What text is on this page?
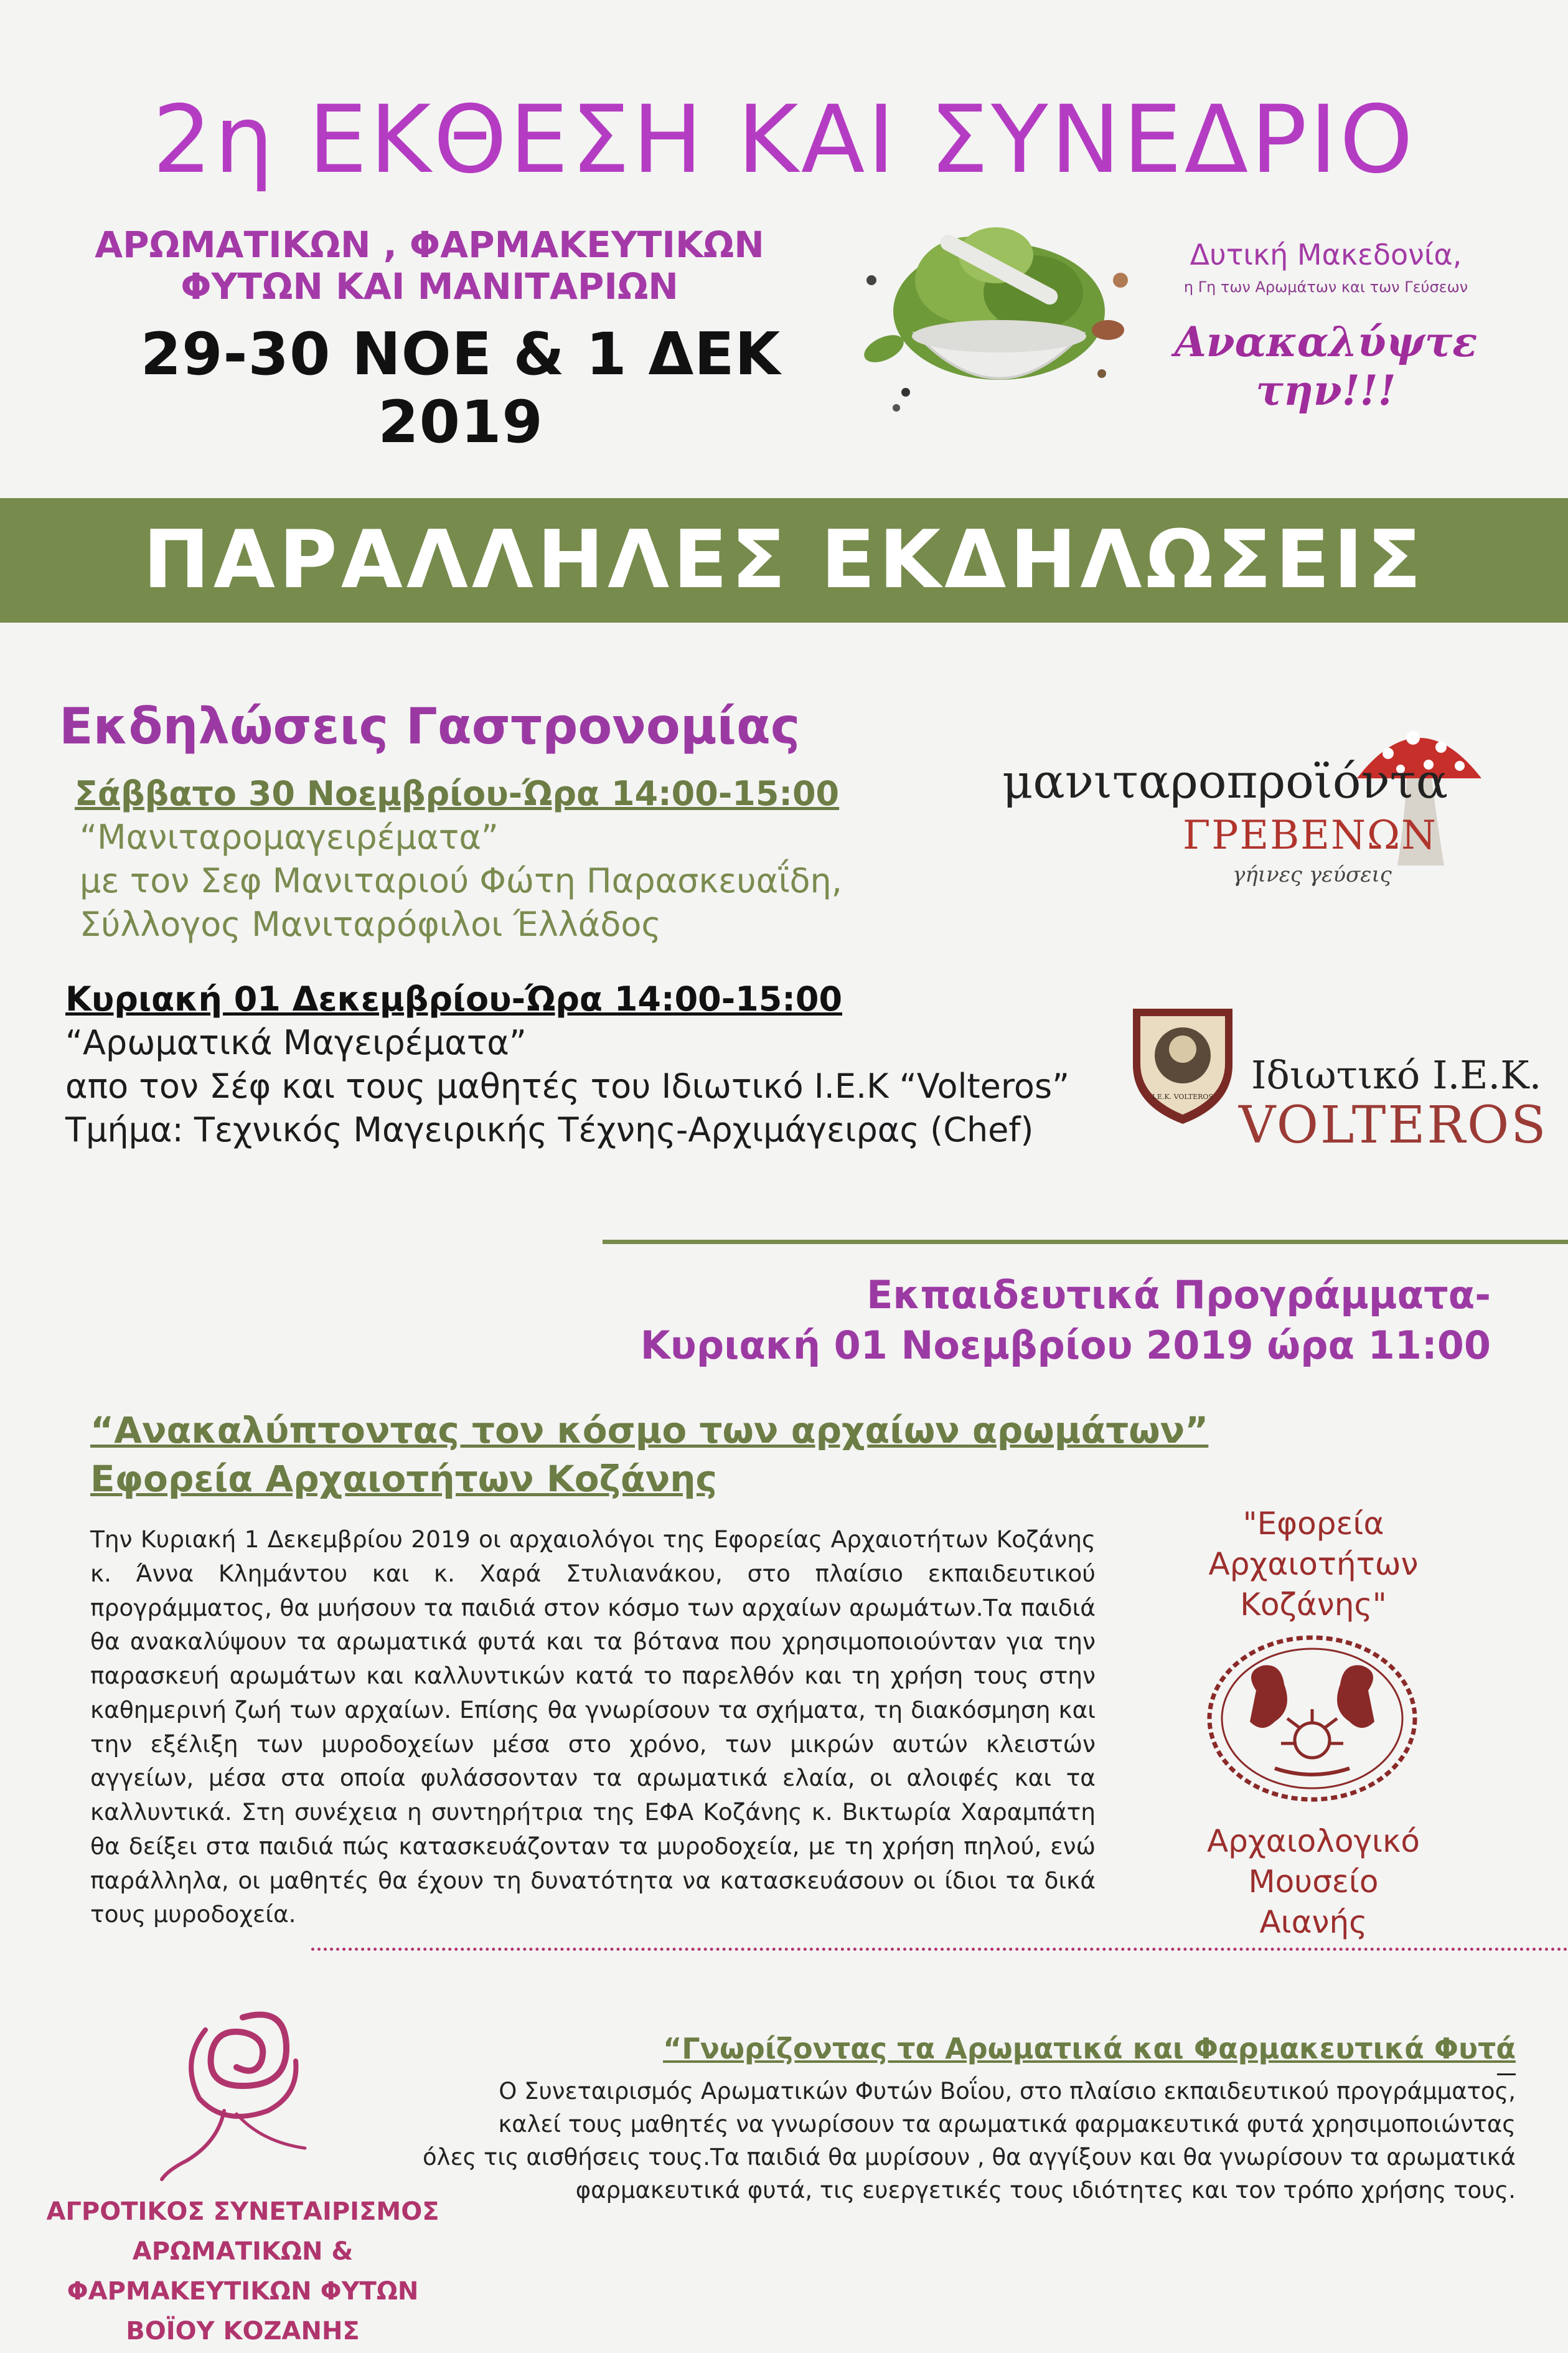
2η ΕΚΘΕΣΗ ΚΑΙ ΣΥΝΕΔΡΙΟ
ΑΡΩΜΑΤΙΚΩΝ , ΦΑΡΜΑΚΕΥΤΙΚΩΝ
ΦΥΤΩΝ ΚΑΙ ΜΑΝΙΤΑΡΙΩΝ
29-30 ΝΟΕ & 1 ΔΕΚ 2019
Δυτική Μακεδονία,
η Γη των Αρωμάτων και των Γεύσεων
Ανακαλύψτε την!!!
ΠΑΡΑΛΛΗΛΕΣ ΕΚΔΗΛΩΣΕΙΣ
Εκδηλώσεις Γαστρονομίας
Σάββατο 30 Νοεμβρίου-Ώρα 14:00-15:00
“Μανιταρομαγειρέματα”
με τον Σεφ Μανιταριού Φώτη Παρασκευαΐδη,
Σύλλογος Μανιταρόφιλοι Έλλάδος
Κυριακή 01 Δεκεμβρίου-Ώρα 14:00-15:00
“Αρωματικά Μαγειρέματα”
απο τον Σέφ και τους μαθητές του Ιδιωτικό Ι.Ε.Κ “Volteros”
Τμήμα: Τεχνικός Μαγειρικής Τέχνης-Αρχιμάγειρας (Chef)
μανιταροπροϊόντα
ΓΡΕΒΕΝΩΝ
γήινες γεύσεις
I.E.K. VOLTEROS Ιδιωτικό Ι.Ε.Κ.
VOLTEROS
Εκπαιδευτικά Προγράμματα-
Κυριακή 01 Νοεμβρίου 2019 ώρα 11:00
“Ανακαλύπτοντας τον κόσμο των αρχαίων αρωμάτων”
Εφορεία Αρχαιοτήτων Κοζάνης
Την Κυριακή 1 Δεκεμβρίου 2019 οι αρχαιολόγοι της Εφορείας Αρχαιοτήτων Κοζάνης κ. Άννα Κλημάντου και κ. Χαρά Στυλιανάκου, στο πλαίσιο εκπαιδευτικού προγράμματος, θα μυήσουν τα παιδιά στον κόσμο των αρχαίων αρωμάτων.Τα παιδιά θα ανακαλύψουν τα αρωματικά φυτά και τα βότανα που χρησιμοποιούνταν για την παρασκευή αρωμάτων και καλλυντικών κατά το παρελθόν και τη χρήση τους στην καθημερινή ζωή των αρχαίων. Επίσης θα γνωρίσουν τα σχήματα, τη διακόσμηση και την εξέλιξη των μυροδοχείων μέσα στο χρόνο, των μικρών αυτών κλειστών αγγείων, μέσα στα οποία φυλάσσονταν τα αρωματικά ελαία, οι αλοιφές και τα καλλυντικά. Στη συνέχεια η συντηρήτρια της ΕΦΑ Κοζάνης κ. Βικτωρία Χαραμπάτη θα δείξει στα παιδιά πώς κατασκευάζονταν τα μυροδοχεία, με τη χρήση πηλού, ενώ παράλληλα, οι μαθητές θα έχουν τη δυνατότητα να κατασκευάσουν οι ίδιοι τα δικά τους μυροδοχεία.
"Εφορεία Αρχαιοτήτων
Κοζάνης"
Αρχαιολογικό Μουσείο
Αιανής
“Γνωρίζοντας τα Αρωματικά και Φαρμακευτικά Φυτά
Ο Συνεταιρισμός Αρωματικών Φυτών Βοΐου, στο πλαίσιο εκπαιδευτικού προγράμματος,
καλεί τους μαθητές να γνωρίσουν τα αρωματικά φαρμακευτικά φυτά χρησιμοποιώντας
όλες τις αισθήσεις τους.Τα παιδιά θα μυρίσουν , θα αγγίξουν και θα γνωρίσουν τα αρωματικά
φαρμακευτικά φυτά, τις ευεργετικές τους ιδιότητες και τον τρόπο χρήσης τους.
ΑΓΡΟΤΙΚΟΣ ΣΥΝΕΤΑΙΡΙΣΜΟΣ
ΑΡΩΜΑΤΙΚΩΝ & ΦΑΡΜΑΚΕΥΤΙΚΩΝ ΦΥΤΩΝ
ΒΟΪΟΥ ΚΟΖΑΝΗΣ
